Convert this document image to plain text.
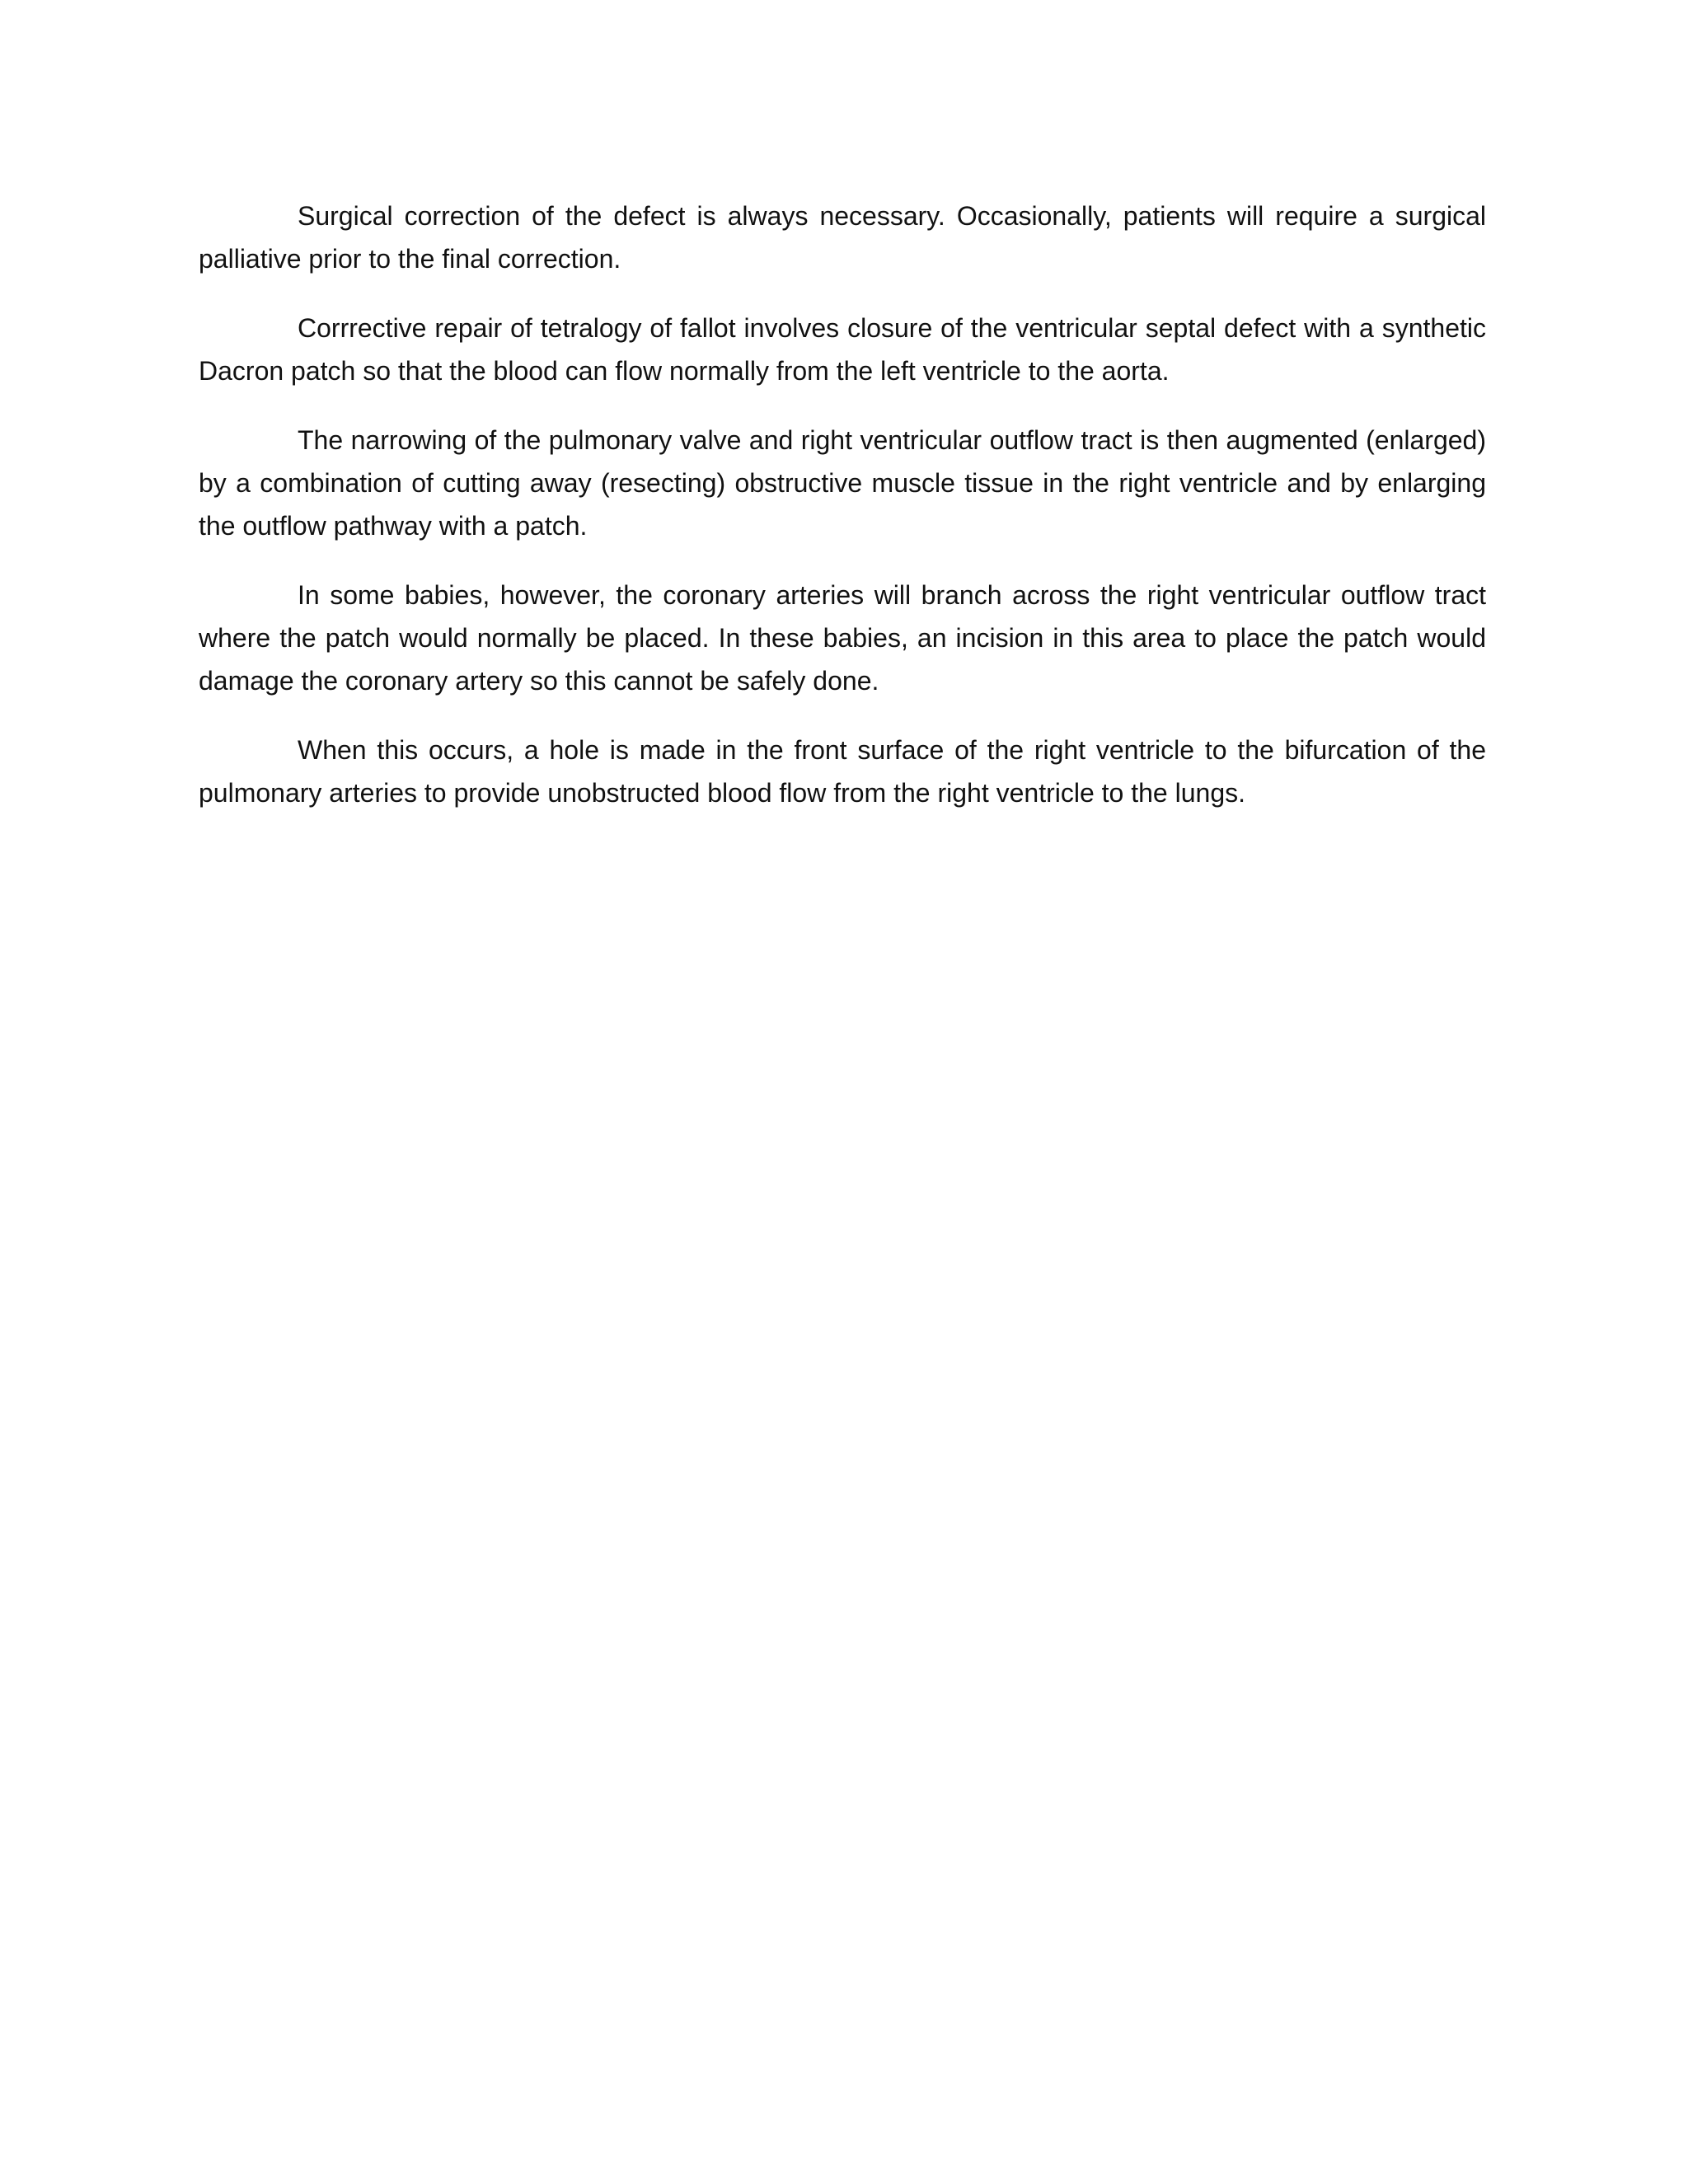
Surgical correction of the defect is always necessary. Occasionally, patients will require a surgical palliative prior to the final correction.

Corrrective repair of tetralogy of fallot involves closure of the ventricular septal defect with a synthetic Dacron patch so that the blood can flow normally from the left ventricle to the aorta.

The narrowing of the pulmonary valve and right ventricular outflow tract is then augmented (enlarged) by a combination of cutting away (resecting) obstructive muscle tissue in the right ventricle and by enlarging the outflow pathway with a patch.

In some babies, however, the coronary arteries will branch across the right ventricular outflow tract where the patch would normally be placed. In these babies, an incision in this area to place the patch would damage the coronary artery so this cannot be safely done.

When this occurs, a hole is made in the front surface of the right ventricle to the bifurcation of the pulmonary arteries to provide unobstructed blood flow from the right ventricle to the lungs.
